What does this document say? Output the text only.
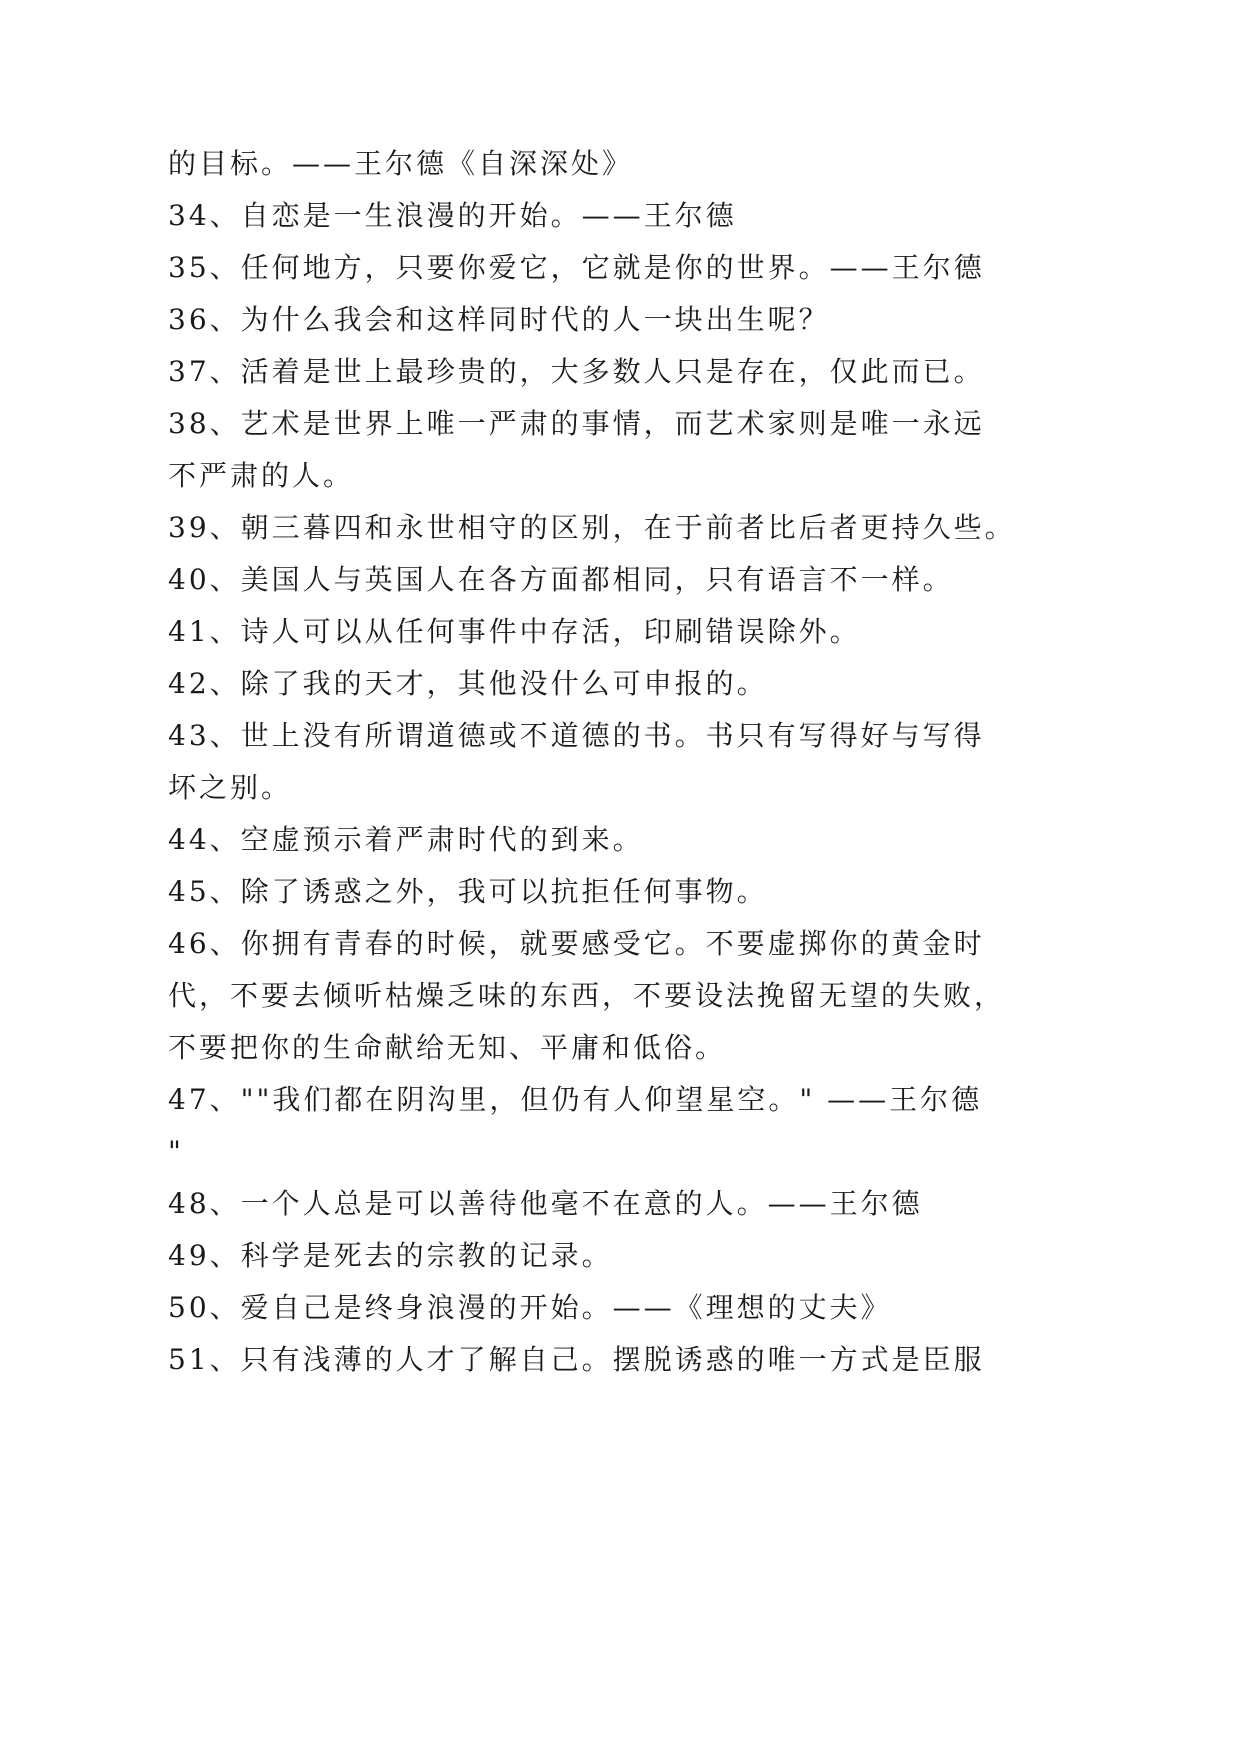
的目标。——王尔德《自深深处》
34、自恋是一生浪漫的开始。——王尔德
35、任何地方，只要你爱它，它就是你的世界。——王尔德
36、为什么我会和这样同时代的人一块出生呢？
37、活着是世上最珍贵的，大多数人只是存在，仅此而已。
38、艺术是世界上唯一严肃的事情，而艺术家则是唯一永远
不严肃的人。
39、朝三暮四和永世相守的区别，在于前者比后者更持久些。
40、美国人与英国人在各方面都相同，只有语言不一样。
41、诗人可以从任何事件中存活，印刷错误除外。
42、除了我的天才，其他没什么可申报的。
43、世上没有所谓道德或不道德的书。书只有写得好与写得
坏之别。
44、空虚预示着严肃时代的到来。
45、除了诱惑之外，我可以抗拒任何事物。
46、你拥有青春的时候，就要感受它。不要虚掷你的黄金时
代，不要去倾听枯燥乏味的东西，不要设法挽留无望的失败，
不要把你的生命献给无知、平庸和低俗。
47、""我们都在阴沟里，但仍有人仰望星空。" ——王尔德
"
48、一个人总是可以善待他毫不在意的人。——王尔德
49、科学是死去的宗教的记录。
50、爱自己是终身浪漫的开始。——《理想的丈夫》
51、只有浅薄的人才了解自己。摆脱诱惑的唯一方式是臣服
